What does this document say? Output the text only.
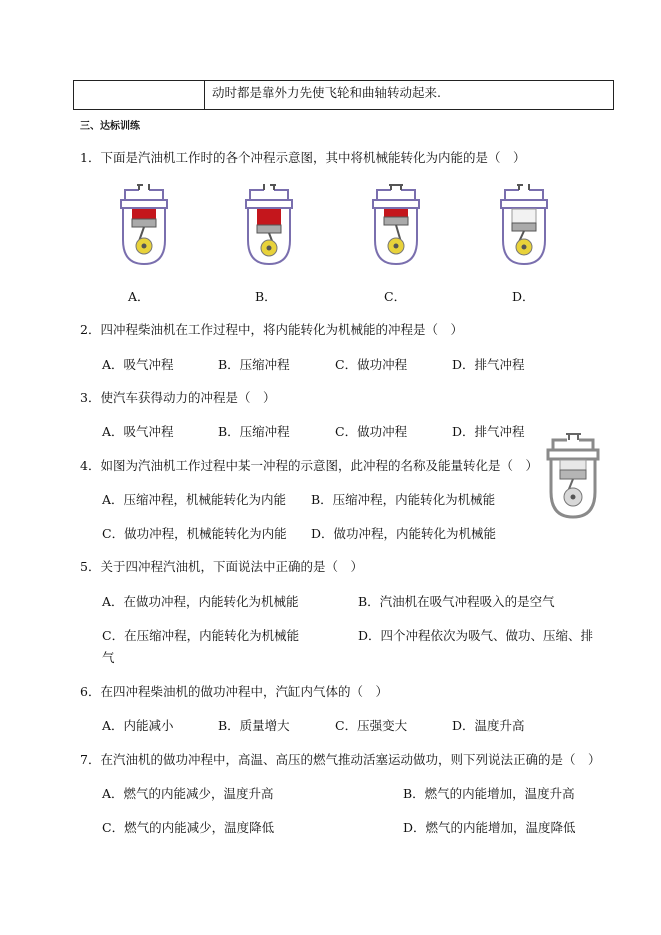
动时都是靠外力先使飞轮和曲轴转动起来.
三、达标训练
1．下面是汽油机工作时的各个冲程示意图，其中将机械能转化为内能的是（　）
A．	B．	C．	D．
2．四冲程柴油机在工作过程中，将内能转化为机械能的冲程是（　）
A．吸气冲程	B．压缩冲程	C．做功冲程	D．排气冲程
3．使汽车获得动力的冲程是（　）
A．吸气冲程	B．压缩冲程	C．做功冲程	D．排气冲程
4．如图为汽油机工作过程中某一冲程的示意图，此冲程的名称及能量转化是（　）
A．压缩冲程，机械能转化为内能 B．压缩冲程，内能转化为机械能
C．做功冲程，机械能转化为内能 D．做功冲程，内能转化为机械能
5．关于四冲程汽油机，下面说法中正确的是（　）
A．在做功冲程，内能转化为机械能	B．汽油机在吸气冲程吸入的是空气
C．在压缩冲程，内能转化为机械能	D．四个冲程依次为吸气、做功、压缩、排
气
6．在四冲程柴油机的做功冲程中，汽缸内气体的（　）
A．内能减小	B．质量增大	C．压强变大	D．温度升高
7．在汽油机的做功冲程中，高温、高压的燃气推动活塞运动做功，则下列说法正确的是（　）
A．燃气的内能减少，温度升高	B．燃气的内能增加，温度升高
C．燃气的内能减少，温度降低	D．燃气的内能增加，温度降低
